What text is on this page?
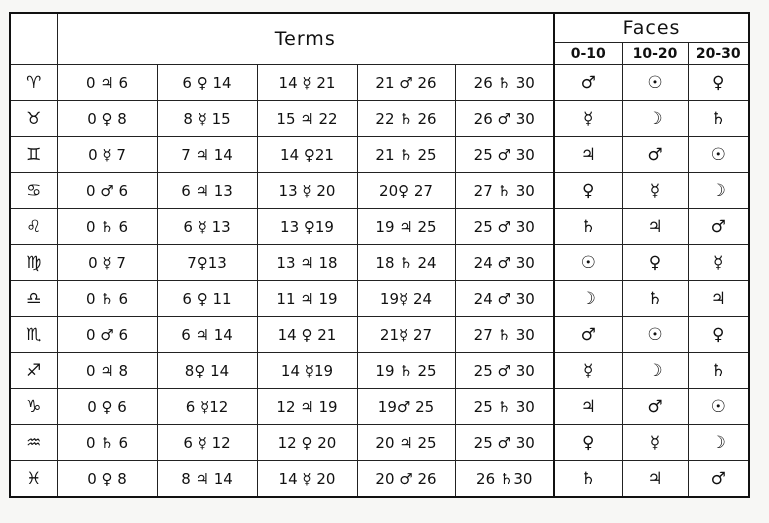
	Terms					Faces		
						0-10	10-20	20-30
♈	0 ♃ 6	6 ♀ 14	14 ☿ 21	21 ♂ 26	26 ♄ 30	♂	☉	♀
♉	0 ♀ 8	8 ☿ 15	15 ♃ 22	22 ♄ 26	26 ♂ 30	☿	☽	♄
♊	0 ☿ 7	7 ♃ 14	14 ♀21	21 ♄ 25	25 ♂ 30	♃	♂	☉
♋	0 ♂ 6	6 ♃ 13	13 ☿ 20	20♀ 27	27 ♄ 30	♀	☿	☽
♌	0 ♄ 6	6 ☿ 13	13 ♀19	19 ♃ 25	25 ♂ 30	♄	♃	♂
♍	0 ☿ 7	7♀13	13 ♃ 18	18 ♄ 24	24 ♂ 30	☉	♀	☿
♎	0 ♄ 6	6 ♀ 11	11 ♃ 19	19☿ 24	24 ♂ 30	☽	♄	♃
♏	0 ♂ 6	6 ♃ 14	14 ♀ 21	21☿ 27	27 ♄ 30	♂	☉	♀
♐	0 ♃ 8	8♀ 14	14 ☿19	19 ♄ 25	25 ♂ 30	☿	☽	♄
♑	0 ♀ 6	6 ☿12	12 ♃ 19	19♂ 25	25 ♄ 30	♃	♂	☉
♒	0 ♄ 6	6 ☿ 12	12 ♀ 20	20 ♃ 25	25 ♂ 30	♀	☿	☽
♓	0 ♀ 8	8 ♃ 14	14 ☿ 20	20 ♂ 26	26 ♄30	♄	♃	♂
